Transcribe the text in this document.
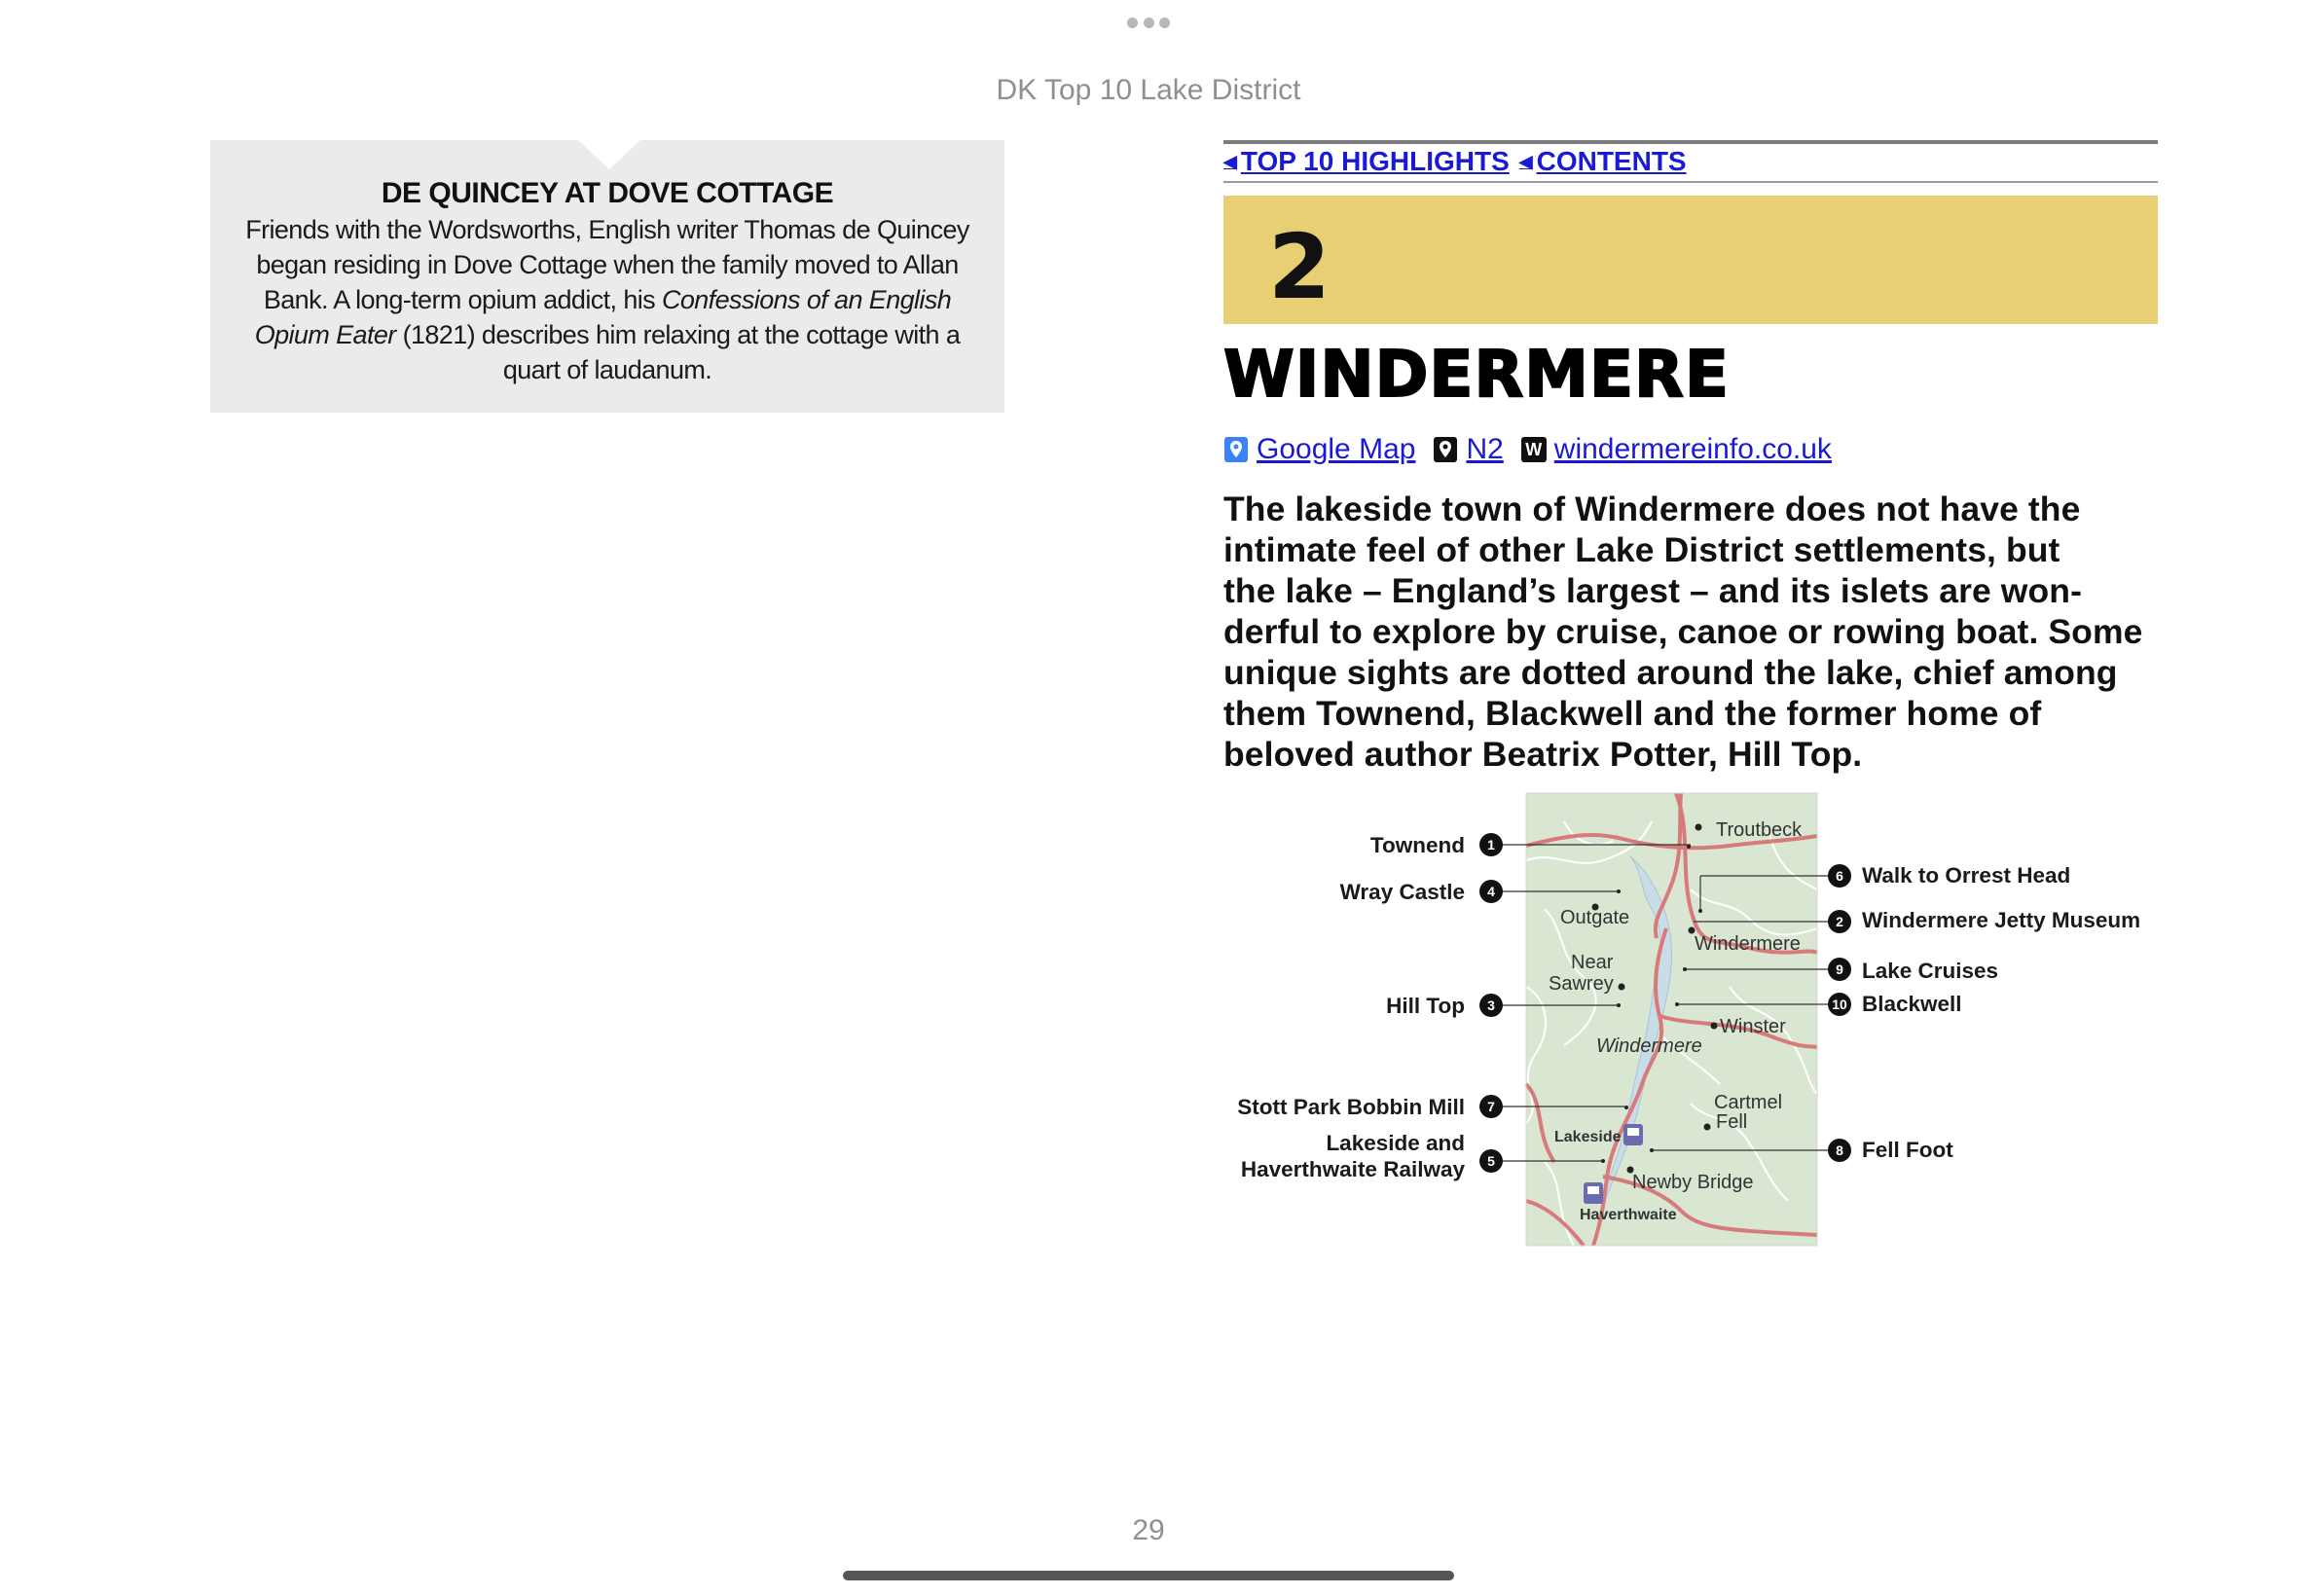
DK Top 10 Lake District
DE QUINCEY AT DOVE COTTAGE
Friends with the Wordsworths, English writer Thomas de Quincey
began residing in Dove Cottage when the family moved to Allan
Bank. A long-term opium addict, his Confessions of an English
Opium Eater (1821) describes him relaxing at the cottage with a
quart of laudanum.
◀ TOP 10 HIGHLIGHTS ◀ CONTENTS
2
WINDERMERE
Google Map N2 W windermereinfo.co.uk
The lakeside town of Windermere does not have the
intimate feel of other Lake District settlements, but
the lake – England’s largest – and its islets are won-
derful to explore by cruise, canoe or rowing boat. Some
unique sights are dotted around the lake, chief among
them Townend, Blackwell and the former home of
beloved author Beatrix Potter, Hill Top.
Troutbeck
Outgate
Windermere
Near
Sawrey
Winster
Windermere
Cartmel
Fell
Lakeside
Newby Bridge
Haverthwaite
Townend	1
Wray Castle	4
Hill Top	3
Stott Park Bobbin Mill	7
Lakeside and
Haverthwaite Railway	5
6 Walk to Orrest Head
2 Windermere Jetty Museum
9 Lake Cruises
10 Blackwell
8 Fell Foot
29
